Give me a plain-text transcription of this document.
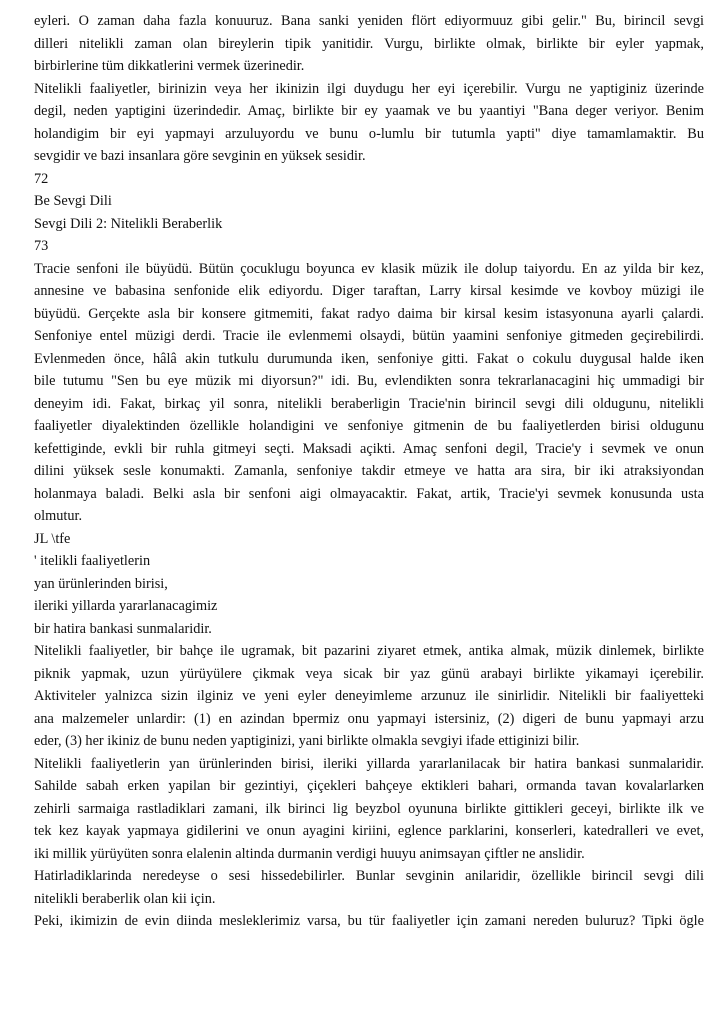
eyleri. O zaman daha fazla konuuruz. Bana sanki yeniden flört ediyormuuz gibi gelir." Bu, birincil sevgi
dilleri nitelikli zaman olan bireylerin tipik yanitidir. Vurgu, birlikte olmak, birlikte bir eyler yapmak,
birbirlerine tüm dikkatlerini vermek üzerinedir.
Nitelikli faaliyetler, birinizin veya her ikinizin ilgi duydugu her eyi içerebilir. Vurgu ne yaptiginiz üzerinde
degil, neden yaptigini üzerindedir. Amaç, birlikte bir ey yaamak ve bu yaantiyi "Bana deger veriyor. Benim
holandigim bir eyi yapmayi arzuluyordu ve bunu o-lumlu bir tutumla yapti" diye tamamlamaktir. Bu
sevgidir ve bazi insanlara göre sevginin en yüksek sesidir.
72
Be Sevgi Dili
Sevgi Dili 2: Nitelikli Beraberlik
73
Tracie senfoni ile büyüdü. Bütün çocuklugu boyunca ev klasik müzik ile dolup taiyordu. En az yilda bir kez,
annesine ve babasina senfonide elik ediyordu. Diger taraftan, Larry kirsal kesimde ve kovboy müzigi ile
büyüdü. Gerçekte asla bir konsere gitmemiti, fakat radyo daima bir kirsal kesim istasyonuna ayarli çalardi.
Senfoniye entel müzigi derdi. Tracie ile evlenmemi olsaydi, bütün yaamini senfoniye gitmeden geçirebilirdi.
Evlenmeden önce, hâlâ akin tutkulu durumunda iken, senfoniye gitti. Fakat o cokulu duygusal halde iken
bile tutumu "Sen bu eye müzik mi diyorsun?" idi. Bu, evlendikten sonra tekrarlanacagini hiç ummadigi bir
deneyim idi. Fakat, birkaç yil sonra, nitelikli beraberligin Tracie'nin birincil sevgi dili oldugunu, nitelikli
faaliyetler diyalektinden özellikle holandigini ve senfoniye gitmenin de bu faaliyetlerden birisi oldugunu
kefettiginde, evkli bir ruhla gitmeyi seçti. Maksadi açikti. Amaç senfoni degil, Tracie'y i sevmek ve onun
dilini yüksek sesle konumakti. Zamanla, senfoniye takdir etmeye ve hatta ara sira, bir iki atraksiyondan
holanmaya baladi. Belki asla bir senfoni aigi olmayacaktir. Fakat, artik, Tracie'yi sevmek konusunda usta
olmutur.
JL \tfe
' itelikli faaliyetlerin
yan ürünlerinden birisi,
ileriki yillarda yararlanacagimiz
bir hatira bankasi sunmalaridir.
Nitelikli faaliyetler, bir bahçe ile ugramak, bit pazarini ziyaret etmek, antika almak, müzik dinlemek, birlikte
piknik yapmak, uzun yürüyülere çikmak veya sicak bir yaz günü arabayi birlikte yikamayi içerebilir.
Aktiviteler yalnizca sizin ilginiz ve yeni eyler deneyimleme arzunuz ile sinirlidir. Nitelikli bir faaliyetteki
ana malzemeler unlardir: (1) en azindan bpermiz onu yapmayi istersiniz, (2) digeri de bunu yapmayi arzu
eder, (3) her ikiniz de bunu neden yaptiginizi, yani birlikte olmakla sevgiyi ifade ettiginizi bilir.
Nitelikli faaliyetlerin yan ürünlerinden birisi, ileriki yillarda yararlanilacak bir hatira bankasi sunmalaridir.
Sahilde sabah erken yapilan bir gezintiyi, çiçekleri bahçeye ektikleri bahari, ormanda tavan kovalarlarken
zehirli sarmaiga rastladiklari zamani, ilk birinci lig beyzbol oyununa birlikte gittikleri geceyi, birlikte ilk ve
tek kez kayak yapmaya gidilerini ve onun ayagini kiriini, eglence parklarini, konserleri, katedralleri ve evet,
iki millik yürüyüten sonra elalenin altinda durmanin verdigi huuyu animsayan çiftler ne anslidir.
Hatirladiklarinda neredeyse o sesi hissedebilirler. Bunlar sevginin anilaridir, özellikle birincil sevgi dili
nitelikli beraberlik olan kii için.
Peki, ikimizin de evin diinda mesleklerimiz varsa, bu tür faaliyetler için zamani nereden buluruz? Tipki ögle
